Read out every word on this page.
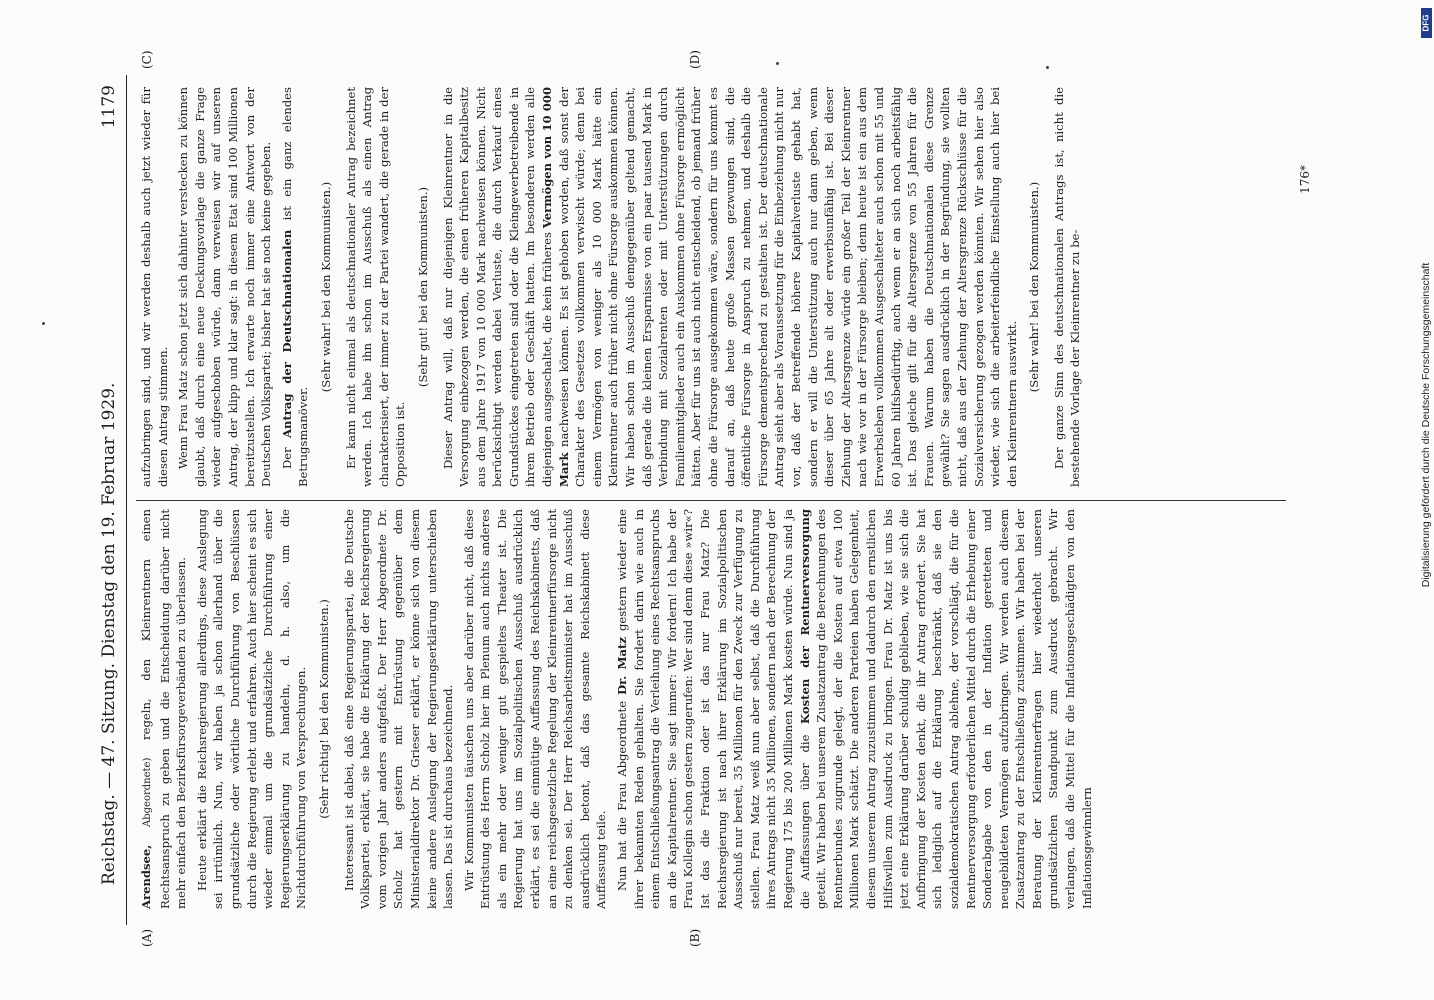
Reichstag. — 47. Sitzung. Dienstag den 19. Februar 1929.
1179
(A)	(B)
(C)	(D)

Arendsee, Abgeordnete) regeln, den Kleinrentnern einen Rechtsanspruch zu geben und die Entscheidung darüber nicht mehr einfach den Bezirksfürsorgeverbänden zu überlassen. Heute erklärt die Reichsregierung allerdings, diese Auslegung sei irrtümlich. Nun, wir haben ja schon allerhand über die grundsätzliche oder wörtliche Durchführung von Beschlüssen durch die Regierung erlebt und erfahren. Auch hier scheint es sich wieder einmal um die grundsätzliche Durchführung einer Regierungserklärung zu handeln, d. h. also, um die Nichtdurchführung von Versprechungen. (Sehr richtig! bei den Kommunisten.) Interessant ist dabei, daß eine Regierungspartei, die Deutsche Volkspartei, erklärt, sie habe die Erklärung der Reichsregierung vom vorigen Jahr anders aufgefaßt. Der Herr Abgeordnete Dr. Scholz hat gestern mit Entrüstung gegenüber dem Ministerialdirektor Dr. Grieser erklärt, er könne sich von diesem keine andere Auslegung der Regierungserklärung unterschieben lassen. Das ist durchaus bezeichnend. Wir Kommunisten täuschen uns aber darüber nicht, daß diese Entrüstung des Herrn Scholz hier im Plenum auch nichts anderes als ein mehr oder weniger gut gespieltes Theater ist. Die Regierung hat uns im Sozialpolitischen Ausschuß ausdrücklich erklärt, es sei die einmütige Auffassung des Reichskabinetts, daß an eine reichsgesetzliche Regelung der Kleinrentnerfürsorge nicht zu denken sei. Der Herr Reichsarbeitsminister hat im Ausschuß ausdrücklich betont, daß das gesamte Reichskabinett diese Auffassung teile. Nun hat die Frau Abgeordnete Dr. Matz gestern wieder eine ihrer bekannten Reden gehalten. Sie fordert darin wie auch in einem Entschließungsantrag die Verleihung eines Rechtsanspruchs an die Kapitalrentner. Sie sagt immer: Wir fordern! Ich habe der Frau Kollegin schon gestern zugerufen: Wer sind denn diese »wir«? Ist das die Fraktion oder ist das nur Frau Matz? Die Reichsregierung ist nach ihrer Erklärung im Sozialpolitischen Ausschuß nur bereit, 35 Millionen für den Zweck zur Verfügung zu stellen. Frau Matz weiß nun aber selbst, daß die Durchführung ihres Antrags nicht 35 Millionen, sondern nach der Berechnung der Regierung 175 bis 200 Millionen Mark kosten würde. Nun sind ja die Auffassungen über die Kosten der Rentnerversorgung geteilt. Wir haben bei unserem Zusatzantrag die Berechnungen des Rentnerbundes zugrunde gelegt, der die Kosten auf etwa 100 Millionen Mark schätzt. Die anderen Parteien haben Gelegenheit, diesem unserem Antrag zuzustimmen und dadurch den ernstlichen Hilfswillen zum Ausdruck zu bringen. Frau Dr. Matz ist uns bis jetzt eine Erklärung darüber schuldig geblieben, wie sie sich die Aufbringung der Kosten denkt, die ihr Antrag erfordert. Sie hat sich lediglich auf die Erklärung beschränkt, daß sie den sozialdemokratischen Antrag ablehne, der vorschlägt, die für die Rentnerversorgung erforderlichen Mittel durch die Erhebung einer Sonderabgabe von den in der Inflation geretteten und neugebildeten Vermögen aufzubringen. Wir werden auch diesem Zusatzantrag zu der Entschließung zustimmen. Wir haben bei der Beratung der Kleinrentnerfragen hier wiederholt unseren grundsätzlichen Standpunkt zum Ausdruck gebracht. Wir verlangen, daß die Mittel für die Inflationsgeschädigten von den Inflationsgewinnlern

aufzubringen sind, und wir werden deshalb auch jetzt wieder für diesen Antrag stimmen. Wenn Frau Matz schon jetzt sich dahinter verstecken zu können glaubt, daß durch eine neue Deckungsvorlage die ganze Frage wieder aufgeschoben würde, dann verweisen wir auf unseren Antrag, der klipp und klar sagt: in diesem Etat sind 100 Millionen bereitzustellen. Ich erwarte noch immer eine Antwort von der Deutschen Volkspartei; bisher hat sie noch keine gegeben. Der Antrag der Deutschnationalen ist ein ganz elendes Betrugsmanöver.

(Sehr wahr! bei den Kommunisten.) Er kann nicht einmal als deutschnationaler Antrag bezeichnet werden. Ich habe ihn schon im Ausschuß als einen Antrag charakterisiert, der immer zu der Partei wandert, die gerade in der Opposition ist.

(Sehr gut! bei den Kommunisten.) Dieser Antrag will, daß nur diejenigen Kleinrentner in die Versorgung einbezogen werden, die einen früheren Kapitalbesitz aus dem Jahre 1917 von 10 000 Mark nachweisen können. Nicht berücksichtigt werden dabei Verluste, die durch Verkauf eines Grundstückes eingetreten sind oder die Kleingewerbetreibende in ihrem Betrieb oder Geschäft hatten. Im besonderen werden alle diejenigen ausgeschaltet, die kein früheres Vermögen von 10 000 Mark nachweisen können. Es ist gehoben worden, daß sonst der Charakter des Gesetzes vollkommen verwischt würde; denn bei einem Vermögen von weniger als 10 000 Mark hätte ein Kleinrentner auch früher nicht ohne Fürsorge auskommen können. Wir haben schon im Ausschuß demgegenüber geltend gemacht, daß gerade die kleinen Ersparnisse von ein paar tausend Mark in Verbindung mit Sozialrenten oder mit Unterstützungen durch Familienmitglieder auch ein Auskommen ohne Fürsorge ermöglicht hätten. Aber für uns ist auch nicht entscheidend, ob jemand früher ohne die Fürsorge ausgekommen wäre, sondern für uns kommt es darauf an, daß heute große Massen gezwungen sind, die öffentliche Fürsorge in Anspruch zu nehmen, und deshalb die Fürsorge dementsprechend zu gestalten ist. Der deutschnationale Antrag sieht aber als Voraussetzung für die Einbeziehung nicht nur vor, daß der Betreffende höhere Kapitalverluste gehabt hat, sondern er will die Unterstützung auch nur dann geben, wenn dieser über 65 Jahre alt oder erwerbsunfähig ist. Bei dieser Ziehung der Altersgrenze würde ein großer Teil der Kleinrentner nach wie vor in der Fürsorge bleiben; denn heute ist ein aus dem Erwerbsleben vollkommen Ausgeschalteter auch schon mit 55 und 60 Jahren hilfsbedürftig, auch wenn er an sich noch arbeitsfähig ist. Das gleiche gilt für die Altersgrenze von 55 Jahren für die Frauen. Warum haben die Deutschnationalen diese Grenze gewählt? Sie sagen ausdrücklich in der Begründung, sie wollten nicht, daß aus der Ziehung der Altersgrenze Rückschlüsse für die Sozialversicherung gezogen werden könnten. Wir sehen hier also wieder, wie sich die arbeiterfeindliche Einstellung auch hier bei den Kleinrentnern auswirkt.

(Sehr wahr! bei den Kommunisten.) Der ganze Sinn des deutschnationalen Antrags ist, nicht die bestehende Vorlage der Kleinrentner zu be-

176*
Digitalisierung gefördert durch die Deutsche Forschungsgemeinschaft
DFG
